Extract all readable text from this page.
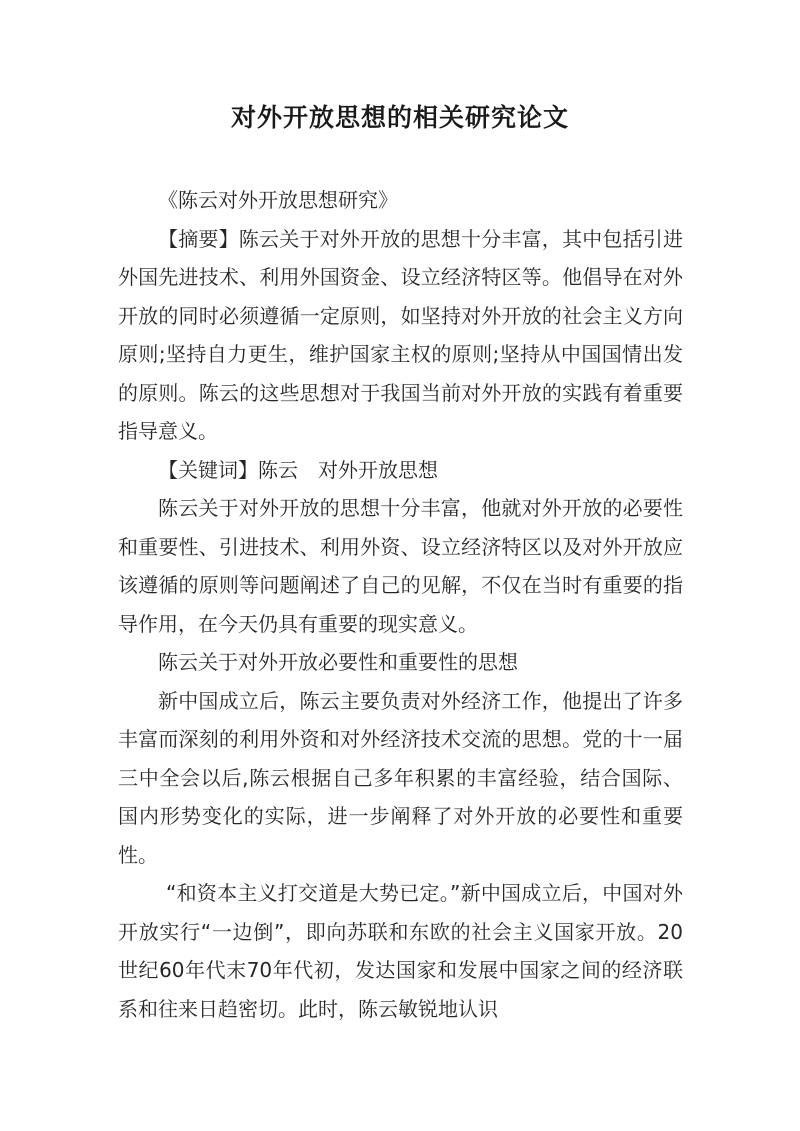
对外开放思想的相关研究论文

《陈云对外开放思想研究》

【摘要】陈云关于对外开放的思想十分丰富，其中包括引进外国先进技术、利用外国资金、设立经济特区等。他倡导在对外开放的同时必须遵循一定原则，如坚持对外开放的社会主义方向原则;坚持自力更生，维护国家主权的原则;坚持从中国国情出发的原则。陈云的这些思想对于我国当前对外开放的实践有着重要指导意义。

【关键词】陈云　对外开放思想

陈云关于对外开放的思想十分丰富，他就对外开放的必要性和重要性、引进技术、利用外资、设立经济特区以及对外开放应该遵循的原则等问题阐述了自己的见解，不仅在当时有重要的指导作用，在今天仍具有重要的现实意义。

陈云关于对外开放必要性和重要性的思想

新中国成立后，陈云主要负责对外经济工作，他提出了许多丰富而深刻的利用外资和对外经济技术交流的思想。党的十一届三中全会以后,陈云根据自己多年积累的丰富经验，结合国际、国内形势变化的实际，进一步阐释了对外开放的必要性和重要性。

“和资本主义打交道是大势已定。”新中国成立后，中国对外开放实行“一边倒”，即向苏联和东欧的社会主义国家开放。20世纪60年代末70年代初，发达国家和发展中国家之间的经济联系和往来日趋密切。此时，陈云敏锐地认识
